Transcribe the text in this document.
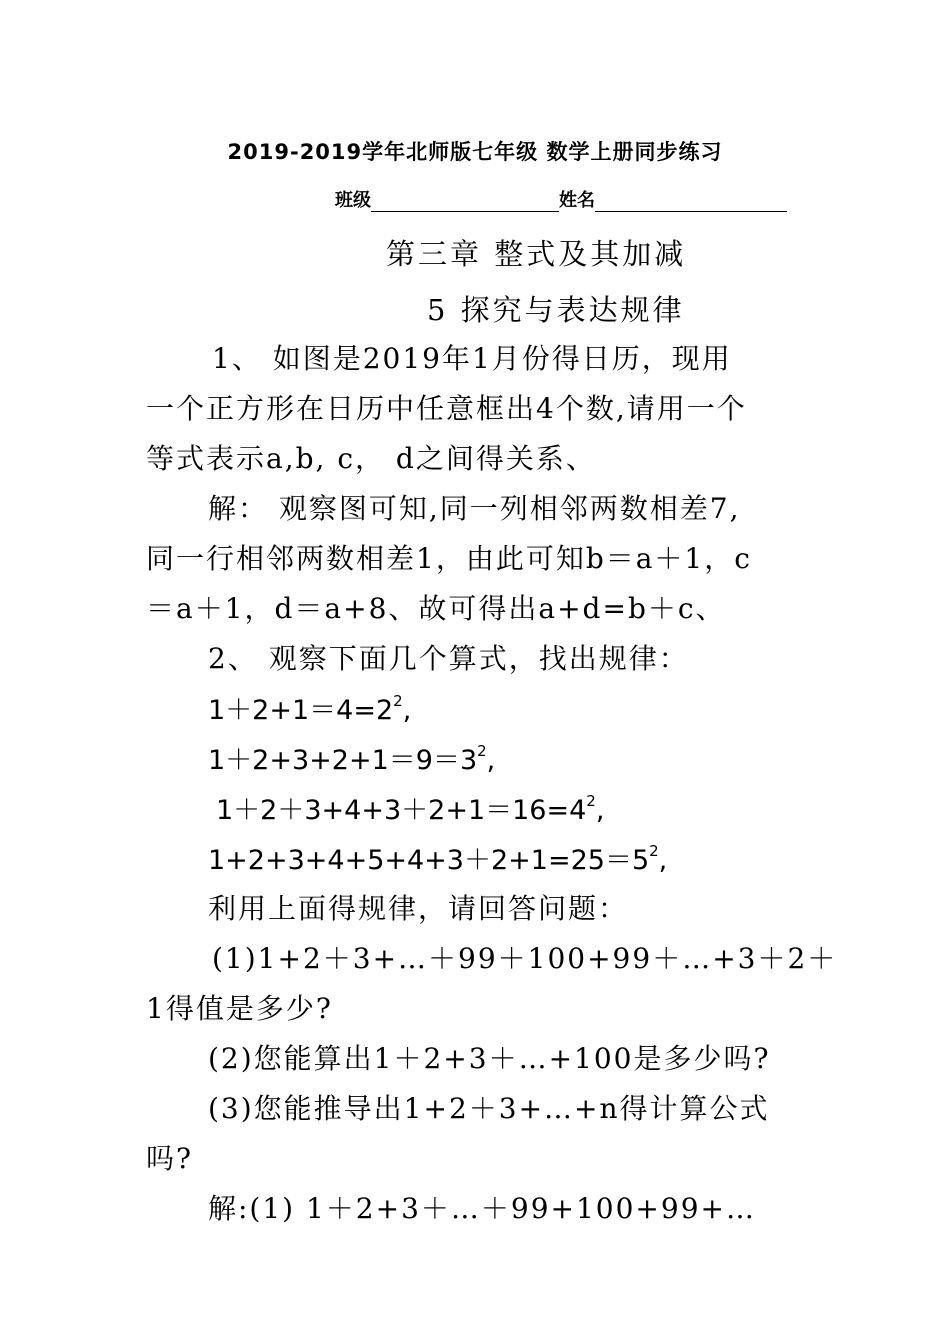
2019-2019学年北师版七年级 数学上册同步练习
班级	姓名
第三章 整式及其加减
5 探究与表达规律
1、 如图是2019年1月份得日历，现用
一个正方形在日历中任意框出4个数,请用一个
等式表示a,b, c， d之间得关系、
解： 观察图可知,同一列相邻两数相差7,
同一行相邻两数相差1，由此可知b＝a＋1，c
＝a＋1，d＝a+8、故可得出a+d=b＋c、
2、 观察下面几个算式，找出规律：
$1+2+1=4=2^2$,
$1+2+3+2+1=9=3^2$,
$1+2+3+4+3+2+1=16=4^2$,
$1+2+3+4+5+4+3+2+1=25=5^2$,
利用上面得规律，请回答问题：
(1)1+2＋3+…＋99＋100+99＋…+3＋2＋
1得值是多少?
(2)您能算出1＋2+3＋…+100是多少吗?
(3)您能推导出1+2＋3+…+n得计算公式
吗?
解:(1) 1＋2+3＋…＋99+100+99+…
